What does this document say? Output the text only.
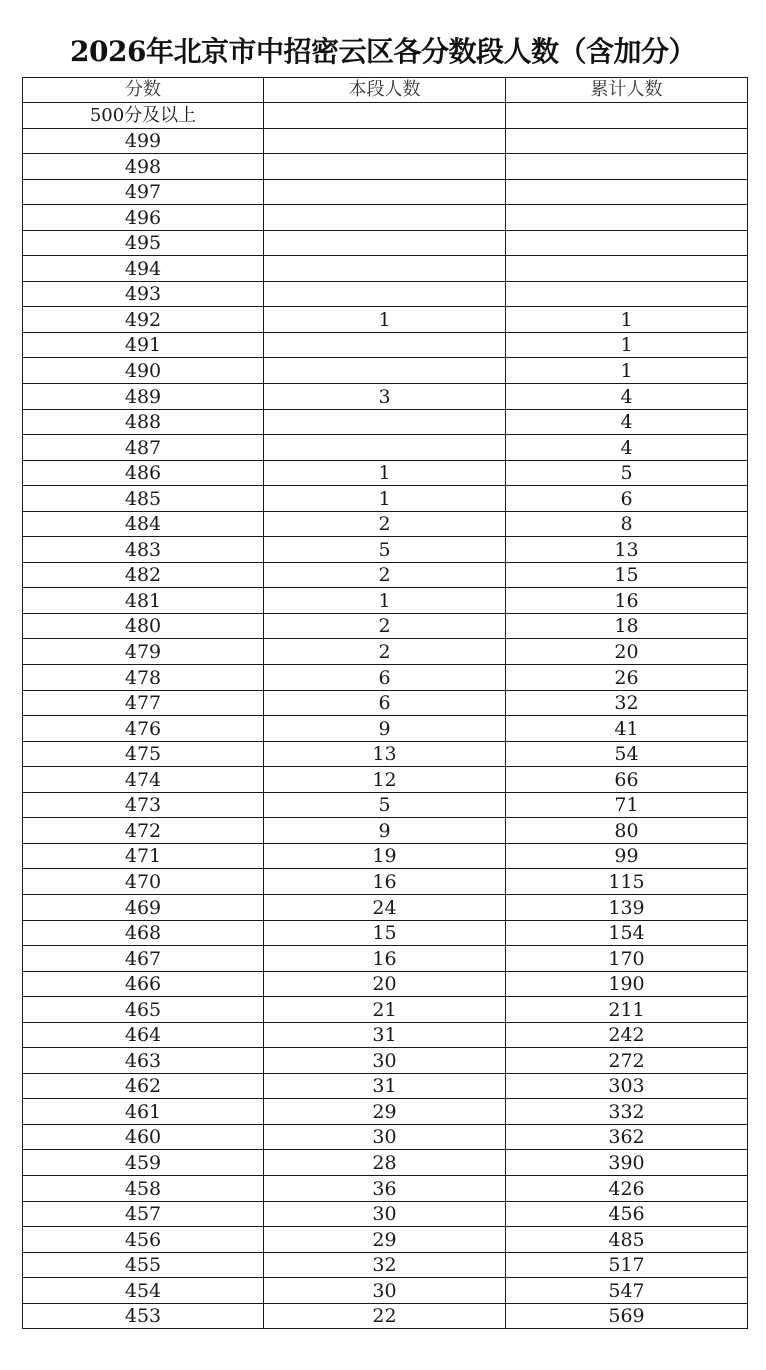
2026年北京市中招密云区各分数段人数（含加分）
分数	本段人数	累计人数
500分及以上		
499		
498		
497		
496		
495		
494		
493		
492	1	1
491		1
490		1
489	3	4
488		4
487		4
486	1	5
485	1	6
484	2	8
483	5	13
482	2	15
481	1	16
480	2	18
479	2	20
478	6	26
477	6	32
476	9	41
475	13	54
474	12	66
473	5	71
472	9	80
471	19	99
470	16	115
469	24	139
468	15	154
467	16	170
466	20	190
465	21	211
464	31	242
463	30	272
462	31	303
461	29	332
460	30	362
459	28	390
458	36	426
457	30	456
456	29	485
455	32	517
454	30	547
453	22	569
